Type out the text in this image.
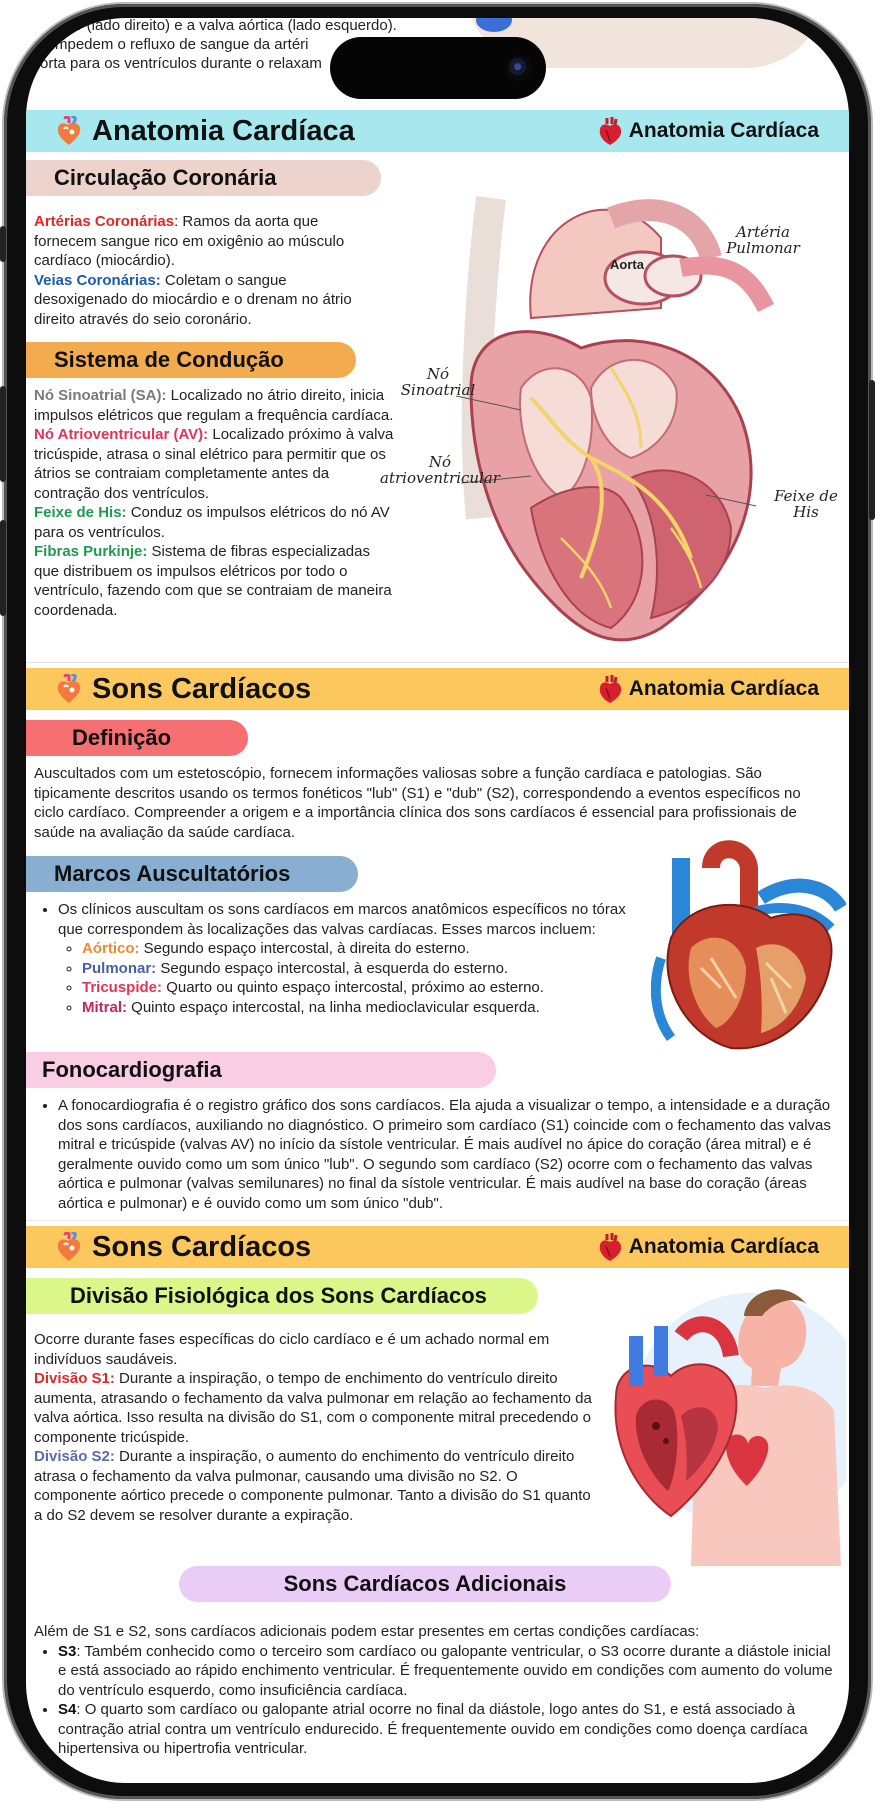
monar (lado direito) e a valva aórtica (lado esquerdo).
s impedem o refluxo de sangue da artéri
orta para os ventrículos durante o relaxam
Anatomia Cardíaca	Anatomia Cardíaca
Circulação Coronária

Artérias Coronárias: Ramos da aorta que fornecem sangue rico em oxigênio ao músculo cardíaco (miocárdio).

Veias Coronárias: Coletam o sangue desoxigenado do miocárdio e o drenam no átrio direito através do seio coronário.

Sistema de Condução

Nó Sinoatrial (SA): Localizado no átrio direito, inicia impulsos elétricos que regulam a frequência cardíaca.

Nó Atrioventricular (AV): Localizado próximo à valva tricúspide, atrasa o sinal elétrico para permitir que os átrios se contraiam completamente antes da contração dos ventrículos.

Feixe de His: Conduz os impulsos elétricos do nó AV para os ventrículos.

Fibras Purkinje: Sistema de fibras especializadas que distribuem os impulsos elétricos por todo o ventrículo, fazendo com que se contraiam de maneira coordenada.

Aorta
Artéria
Pulmonar
Nó
Sinoatrial
Nó
atrioventricular
Feixe de
His
Sons Cardíacos	Anatomia Cardíaca
Definição

Auscultados com um estetoscópio, fornecem informações valiosas sobre a função cardíaca e patologias. São tipicamente descritos usando os termos fonéticos "lub" (S1) e "dub" (S2), correspondendo a eventos específicos no ciclo cardíaco. Compreender a origem e a importância clínica dos sons cardíacos é essencial para profissionais de saúde na avaliação da saúde cardíaca.

Marcos Auscultatórios
• Os clínicos auscultam os sons cardíacos em marcos anatômicos específicos no tórax que correspondem às localizações das valvas cardíacas. Esses marcos incluem:
◦ Aórtico: Segundo espaço intercostal, à direita do esterno.
◦ Pulmonar: Segundo espaço intercostal, à esquerda do esterno.
◦ Tricuspide: Quarto ou quinto espaço intercostal, próximo ao esterno.
◦ Mitral: Quinto espaço intercostal, na linha medioclavicular esquerda.
Fonocardiografia
• A fonocardiografia é o registro gráfico dos sons cardíacos. Ela ajuda a visualizar o tempo, a intensidade e a duração dos sons cardíacos, auxiliando no diagnóstico. O primeiro som cardíaco (S1) coincide com o fechamento das valvas mitral e tricúspide (valvas AV) no início da sístole ventricular. É mais audível no ápice do coração (área mitral) e é geralmente ouvido como um som único "lub". O segundo som cardíaco (S2) ocorre com o fechamento das valvas aórtica e pulmonar (valvas semilunares) no final da sístole ventricular. É mais audível na base do coração (áreas aórtica e pulmonar) e é ouvido como um som único "dub".
Sons Cardíacos	Anatomia Cardíaca
Divisão Fisiológica dos Sons Cardíacos

Ocorre durante fases específicas do ciclo cardíaco e é um achado normal em indivíduos saudáveis.

Divisão S1: Durante a inspiração, o tempo de enchimento do ventrículo direito aumenta, atrasando o fechamento da valva pulmonar em relação ao fechamento da valva aórtica. Isso resulta na divisão do S1, com o componente mitral precedendo o componente tricúspide.

Divisão S2: Durante a inspiração, o aumento do enchimento do ventrículo direito atrasa o fechamento da valva pulmonar, causando uma divisão no S2. O componente aórtico precede o componente pulmonar. Tanto a divisão do S1 quanto a do S2 devem se resolver durante a expiração.

Sons Cardíacos Adicionais

Além de S1 e S2, sons cardíacos adicionais podem estar presentes em certas condições cardíacas:

• S3: Também conhecido como o terceiro som cardíaco ou galopante ventricular, o S3 ocorre durante a diástole inicial e está associado ao rápido enchimento ventricular. É frequentemente ouvido em condições com aumento do volume do ventrículo esquerdo, como insuficiência cardíaca.
• S4: O quarto som cardíaco ou galopante atrial ocorre no final da diástole, logo antes do S1, e está associado à contração atrial contra um ventrículo endurecido. É frequentemente ouvido em condições como doença cardíaca hipertensiva ou hipertrofia ventricular.
